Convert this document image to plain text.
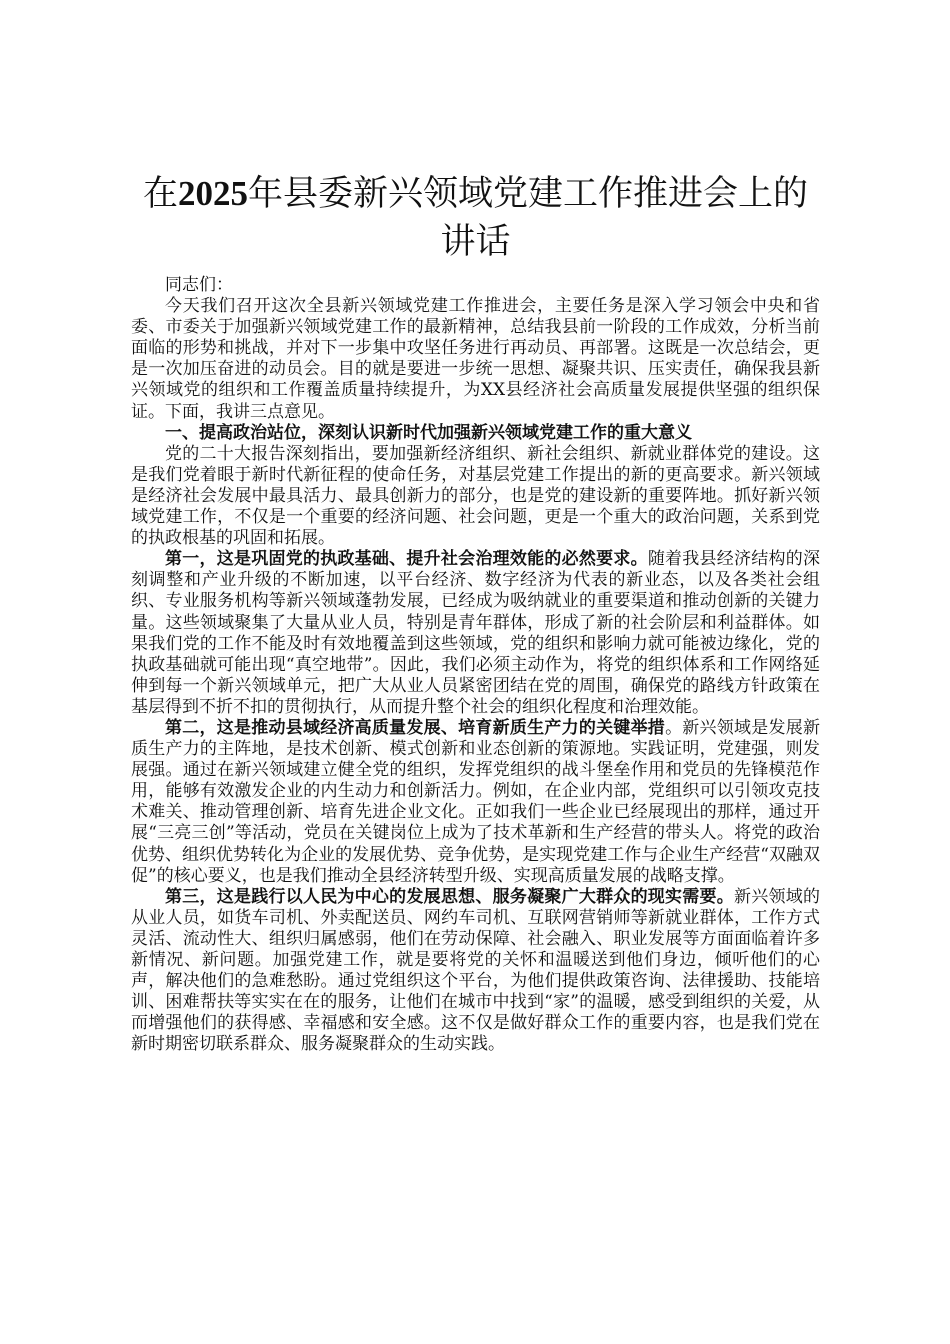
在2025年县委新兴领域党建工作推进会上的
讲话

同志们：

今天我们召开这次全县新兴领域党建工作推进会，主要任务是深入学习领会中央和省委、市委关于加强新兴领域党建工作的最新精神，总结我县前一阶段的工作成效，分析当前面临的形势和挑战，并对下一步集中攻坚任务进行再动员、再部署。这既是一次总结会，更是一次加压奋进的动员会。目的就是要进一步统一思想、凝聚共识、压实责任，确保我县新兴领域党的组织和工作覆盖质量持续提升，为XX县经济社会高质量发展提供坚强的组织保证。下面，我讲三点意见。

一、提高政治站位，深刻认识新时代加强新兴领域党建工作的重大意义

党的二十大报告深刻指出，要加强新经济组织、新社会组织、新就业群体党的建设。这是我们党着眼于新时代新征程的使命任务，对基层党建工作提出的新的更高要求。新兴领域是经济社会发展中最具活力、最具创新力的部分，也是党的建设新的重要阵地。抓好新兴领域党建工作，不仅是一个重要的经济问题、社会问题，更是一个重大的政治问题，关系到党的执政根基的巩固和拓展。

第一，这是巩固党的执政基础、提升社会治理效能的必然要求。随着我县经济结构的深刻调整和产业升级的不断加速，以平台经济、数字经济为代表的新业态，以及各类社会组织、专业服务机构等新兴领域蓬勃发展，已经成为吸纳就业的重要渠道和推动创新的关键力量。这些领域聚集了大量从业人员，特别是青年群体，形成了新的社会阶层和利益群体。如果我们党的工作不能及时有效地覆盖到这些领域，党的组织和影响力就可能被边缘化，党的执政基础就可能出现“真空地带”。因此，我们必须主动作为，将党的组织体系和工作网络延伸到每一个新兴领域单元，把广大从业人员紧密团结在党的周围，确保党的路线方针政策在基层得到不折不扣的贯彻执行，从而提升整个社会的组织化程度和治理效能。

第二，这是推动县域经济高质量发展、培育新质生产力的关键举措。新兴领域是发展新质生产力的主阵地，是技术创新、模式创新和业态创新的策源地。实践证明，党建强，则发展强。通过在新兴领域建立健全党的组织，发挥党组织的战斗堡垒作用和党员的先锋模范作用，能够有效激发企业的内生动力和创新活力。例如，在企业内部，党组织可以引领攻克技术难关、推动管理创新、培育先进企业文化。正如我们一些企业已经展现出的那样，通过开展“三亮三创”等活动，党员在关键岗位上成为了技术革新和生产经营的带头人。将党的政治优势、组织优势转化为企业的发展优势、竞争优势，是实现党建工作与企业生产经营“双融双促”的核心要义，也是我们推动全县经济转型升级、实现高质量发展的战略支撑。

第三，这是践行以人民为中心的发展思想、服务凝聚广大群众的现实需要。新兴领域的从业人员，如货车司机、外卖配送员、网约车司机、互联网营销师等新就业群体，工作方式灵活、流动性大、组织归属感弱，他们在劳动保障、社会融入、职业发展等方面面临着许多新情况、新问题。加强党建工作，就是要将党的关怀和温暖送到他们身边，倾听他们的心声，解决他们的急难愁盼。通过党组织这个平台，为他们提供政策咨询、法律援助、技能培训、困难帮扶等实实在在的服务，让他们在城市中找到“家”的温暖，感受到组织的关爱，从而增强他们的获得感、幸福感和安全感。这不仅是做好群众工作的重要内容，也是我们党在新时期密切联系群众、服务凝聚群众的生动实践。
